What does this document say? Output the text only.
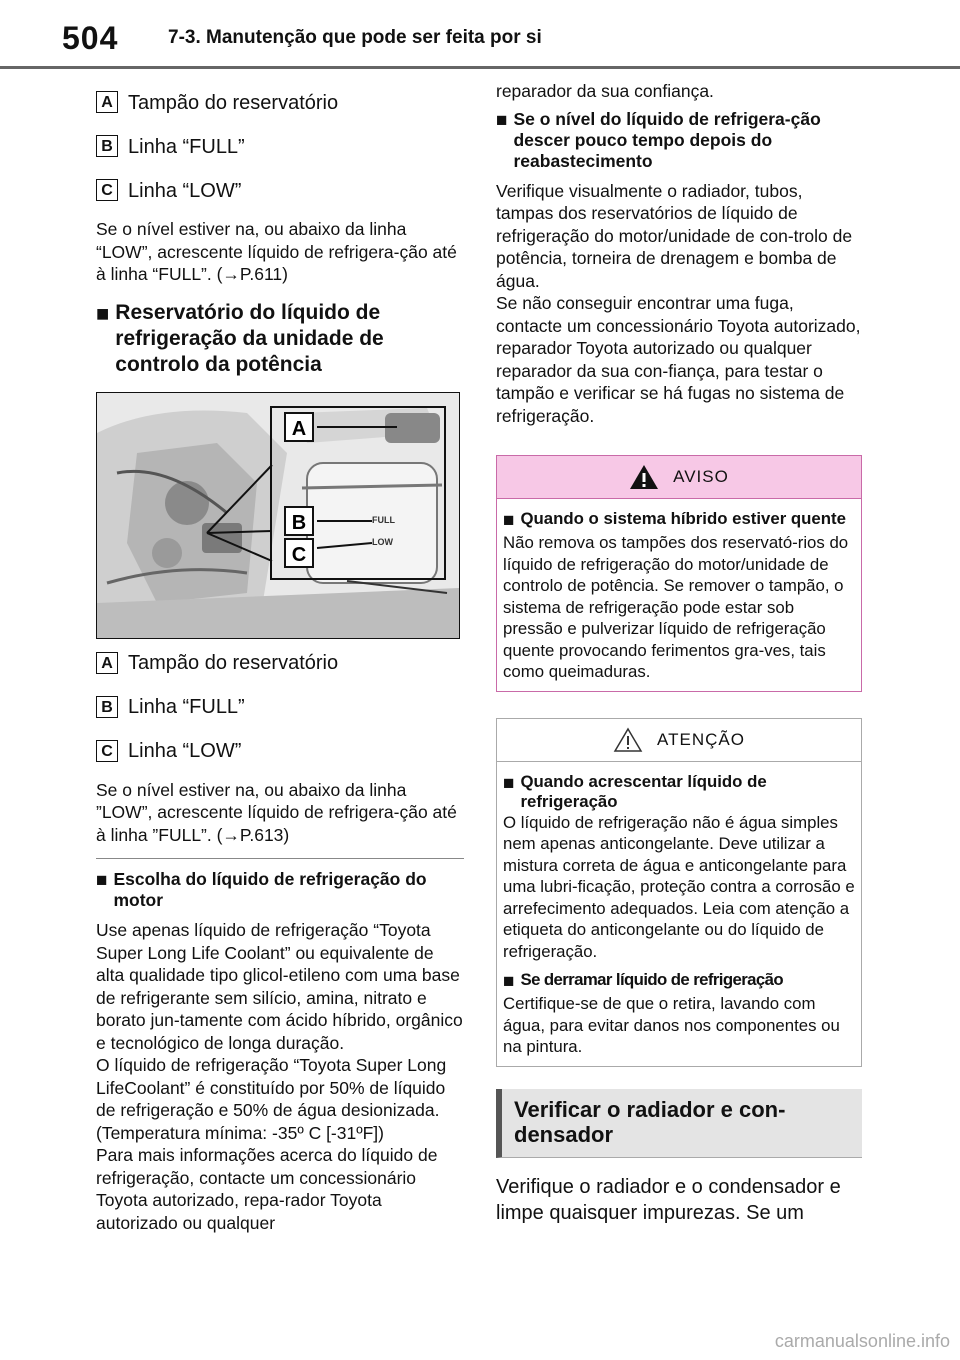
504	7-3. Manutenção que pode ser feita por si
A Tampão do reservatório
B Linha “FULL”
C Linha “LOW”

Se o nível estiver na, ou abaixo da linha “LOW”, acrescente líquido de refrigera-ção até à linha “FULL”. (→P.611)

■ Reservatório do líquido de refrigeração da unidade de controlo da potência
FULL
LOW
A
B
C
A Tampão do reservatório
B Linha “FULL”
C Linha “LOW”

Se o nível estiver na, ou abaixo da linha ”LOW”, acrescente líquido de refrigera-ção até à linha ”FULL”. (→P.613)

■ Escolha do líquido de refrigeração do motor

Use apenas líquido de refrigeração “Toyota Super Long Life Coolant” ou equivalente de alta qualidade tipo glicol-etileno com uma base de refrigerante sem silício, amina, nitrato e borato jun-tamente com ácido híbrido, orgânico e tecnológico de longa duração.
O líquido de refrigeração “Toyota Super Long LifeCoolant” é constituído por 50% de líquido de refrigeração e 50% de água desionizada. (Temperatura mínima: -35º C [-31ºF])
Para mais informações acerca do líquido de refrigeração, contacte um concessionário Toyota autorizado, repa-rador Toyota autorizado ou qualquer

reparador da sua confiança.

■ Se o nível do líquido de refrigera-ção descer pouco tempo depois do reabastecimento

Verifique visualmente o radiador, tubos, tampas dos reservatórios de líquido de refrigeração do motor/unidade de con-trolo de potência, torneira de drenagem e bomba de água.
Se não conseguir encontrar uma fuga, contacte um concessionário Toyota autorizado, reparador Toyota autorizado ou qualquer reparador da sua con-fiança, para testar o tampão e verificar se há fugas no sistema de refrigeração.

AVISO
■ Quando o sistema híbrido estiver quente

Não remova os tampões dos reservató-rios do líquido de refrigeração do motor/unidade de controlo de potência. Se remover o tampão, o sistema de refrigeração pode estar sob pressão e pulverizar líquido de refrigeração quente provocando ferimentos gra-ves, tais como queimaduras.

ATENÇÃO
■ Quando acrescentar líquido de refrigeração

O líquido de refrigeração não é água simples nem apenas anticongelante. Deve utilizar a mistura correta de água e anticongelante para uma lubri-ficação, proteção contra a corrosão e arrefecimento adequados. Leia com atenção a etiqueta do anticongelante ou do líquido de refrigeração.

■ Se derramar líquido de refrigeração

Certifique-se de que o retira, lavando com água, para evitar danos nos componentes ou na pintura.

Verificar o radiador e con-densador

Verifique o radiador e o condensador e limpe quaisquer impurezas. Se um

carmanualsonline.info
